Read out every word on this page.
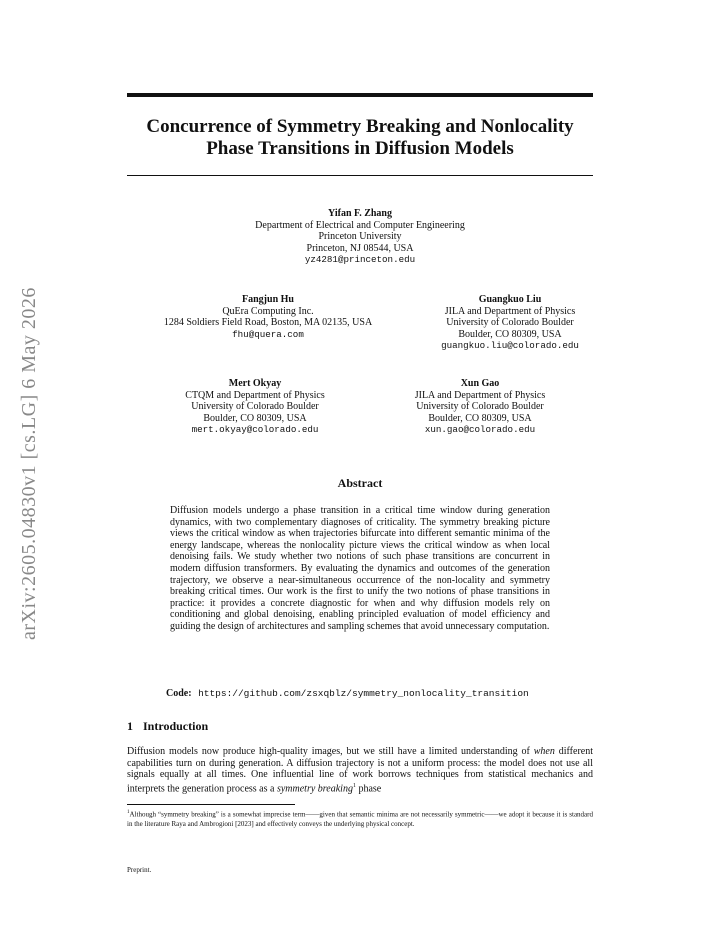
arXiv:2605.04830v1 [cs.LG] 6 May 2026
Concurrence of Symmetry Breaking and Nonlocality
Phase Transitions in Diffusion Models
Yifan F. Zhang
Department of Electrical and Computer Engineering
Princeton University
Princeton, NJ 08544, USA
yz4281@princeton.edu
Fangjun Hu
QuEra Computing Inc.
1284 Soldiers Field Road, Boston, MA 02135, USA
fhu@quera.com
Guangkuo Liu
JILA and Department of Physics
University of Colorado Boulder
Boulder, CO 80309, USA
guangkuo.liu@colorado.edu
Mert Okyay
CTQM and Department of Physics
University of Colorado Boulder
Boulder, CO 80309, USA
mert.okyay@colorado.edu
Xun Gao
JILA and Department of Physics
University of Colorado Boulder
Boulder, CO 80309, USA
xun.gao@colorado.edu
Abstract
Diffusion models undergo a phase transition in a critical time window during generation dynamics, with two complementary diagnoses of criticality. The symmetry breaking picture views the critical window as when trajectories bifurcate into different semantic minima of the energy landscape, whereas the nonlocality picture views the critical window as when local denoising fails. We study whether two notions of such phase transitions are concurrent in modern diffusion transformers. By evaluating the dynamics and outcomes of the generation trajectory, we observe a near-simultaneous occurrence of the non-locality and symmetry breaking critical times. Our work is the first to unify the two notions of phase transitions in practice: it provides a concrete diagnostic for when and why diffusion models rely on conditioning and global denoising, enabling principled evaluation of model efficiency and guiding the design of architectures and sampling schemes that avoid unnecessary computation.
Code: https://github.com/zsxqblz/symmetry_nonlocality_transition
1 Introduction
Diffusion models now produce high-quality images, but we still have a limited understanding of when different capabilities turn on during generation. A diffusion trajectory is not a uniform process: the model does not use all signals equally at all times. One influential line of work borrows techniques from statistical mechanics and interprets the generation process as a symmetry breaking$^1$ phase
$^1$Although “symmetry breaking” is a somewhat imprecise term——given that semantic minima are not necessarily symmetric——we adopt it because it is standard in the literature Raya and Ambrogioni [2023] and effectively conveys the underlying physical concept.
Preprint.
